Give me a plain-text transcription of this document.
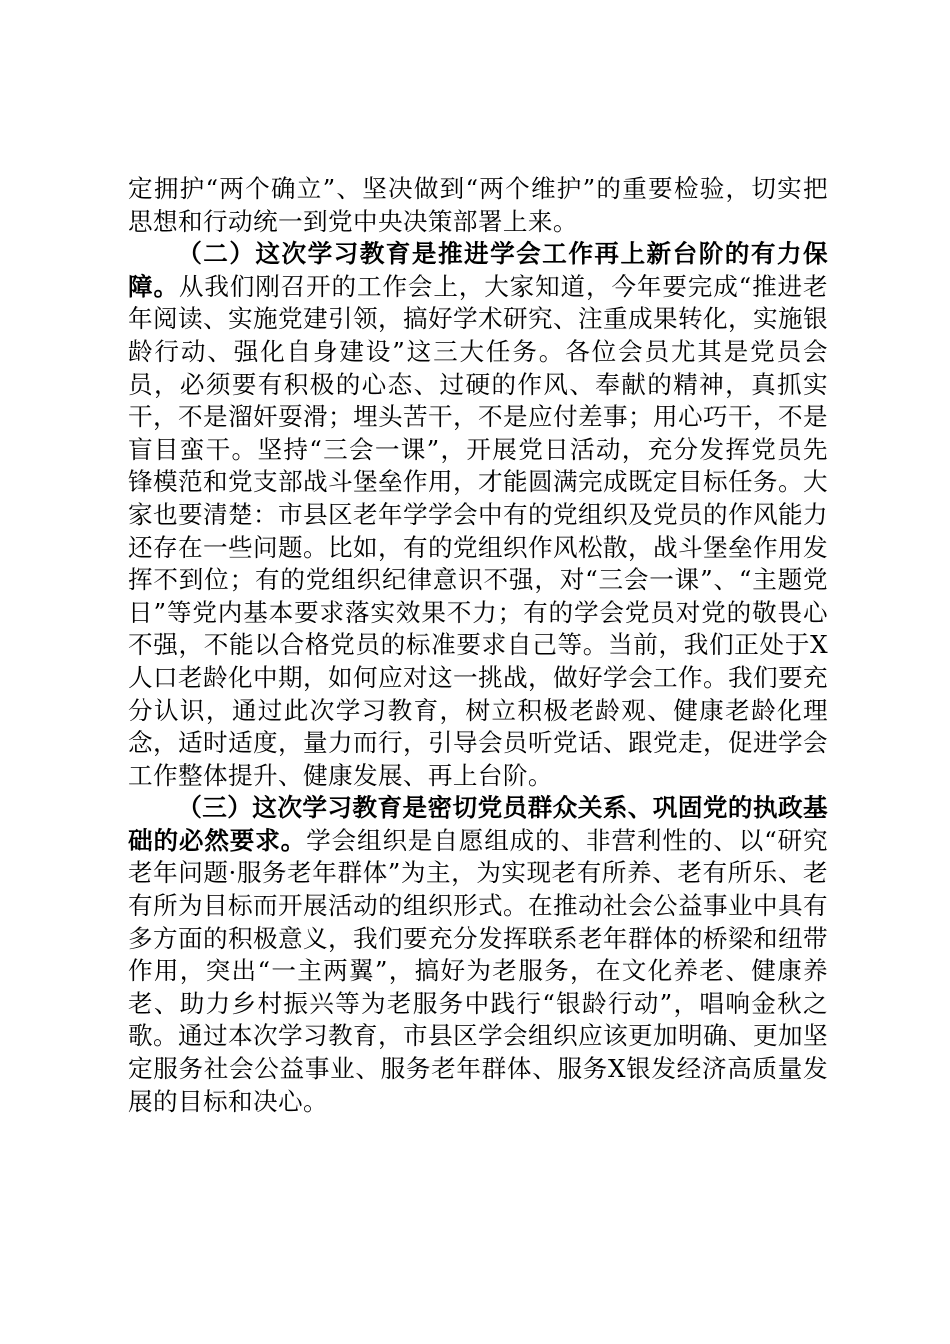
定拥护“两个确立”、坚决做到“两个维护”的重要检验，切实把思想和行动统一到党中央决策部署上来。

（二）这次学习教育是推进学会工作再上新台阶的有力保障。从我们刚召开的工作会上，大家知道，今年要完成“推进老年阅读、实施党建引领，搞好学术研究、注重成果转化，实施银龄行动、强化自身建设”这三大任务。各位会员尤其是党员会员，必须要有积极的心态、过硬的作风、奉献的精神，真抓实干，不是溜奸耍滑；埋头苦干，不是应付差事；用心巧干，不是盲目蛮干。坚持“三会一课”，开展党日活动，充分发挥党员先锋模范和党支部战斗堡垒作用，才能圆满完成既定目标任务。大家也要清楚：市县区老年学学会中有的党组织及党员的作风能力还存在一些问题。比如，有的党组织作风松散，战斗堡垒作用发挥不到位；有的党组织纪律意识不强，对“三会一课”、“主题党日”等党内基本要求落实效果不力；有的学会党员对党的敬畏心不强，不能以合格党员的标准要求自己等。当前，我们正处于X人口老龄化中期，如何应对这一挑战，做好学会工作。我们要充分认识，通过此次学习教育，树立积极老龄观、健康老龄化理念，适时适度，量力而行，引导会员听党话、跟党走，促进学会工作整体提升、健康发展、再上台阶。

（三）这次学习教育是密切党员群众关系、巩固党的执政基础的必然要求。学会组织是自愿组成的、非营利性的、以“研究老年问题·服务老年群体”为主，为实现老有所养、老有所乐、老有所为目标而开展活动的组织形式。在推动社会公益事业中具有多方面的积极意义，我们要充分发挥联系老年群体的桥梁和纽带作用，突出“一主两翼”，搞好为老服务，在文化养老、健康养老、助力乡村振兴等为老服务中践行“银龄行动”，唱响金秋之歌。通过本次学习教育，市县区学会组织应该更加明确、更加坚定服务社会公益事业、服务老年群体、服务X银发经济高质量发展的目标和决心。
